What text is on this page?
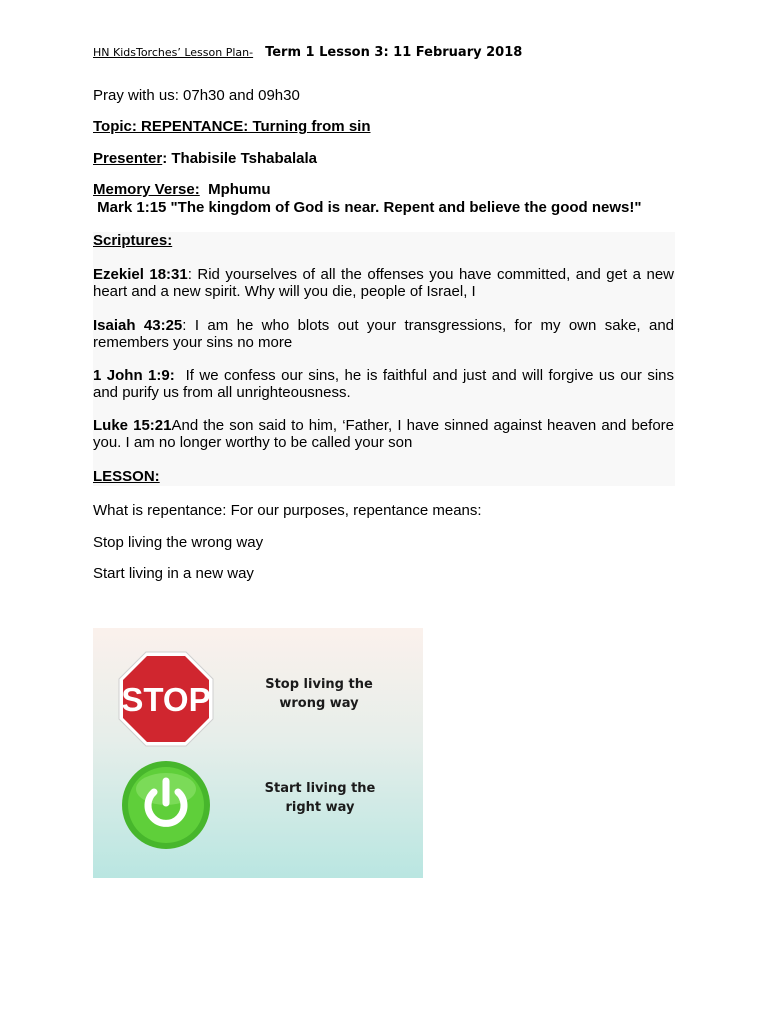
HN KidsTorches’ Lesson Plan- Term 1 Lesson 3: 11 February 2018
Pray with us: 07h30 and 09h30
Topic: REPENTANCE: Turning from sin
Presenter: Thabisile Tshabalala
Memory Verse:  Mphumu
Mark 1:15 "The kingdom of God is near. Repent and believe the good news!"
Scriptures:
Ezekiel 18:31: Rid yourselves of all the offenses you have committed, and get a new heart and a new spirit. Why will you die, people of Israel, I
Isaiah 43:25: I am he who blots out your transgressions, for my own sake, and remembers your sins no more
1 John 1:9:  If we confess our sins, he is faithful and just and will forgive us our sins and purify us from all unrighteousness.
Luke 15:21And the son said to him, ‘Father, I have sinned against heaven and before you. I am no longer worthy to be called your son
LESSON:
What is repentance: For our purposes, repentance means:
Stop living the wrong way
Start living in a new way
STOP	Stop living the
wrong way
Start living the
right way
